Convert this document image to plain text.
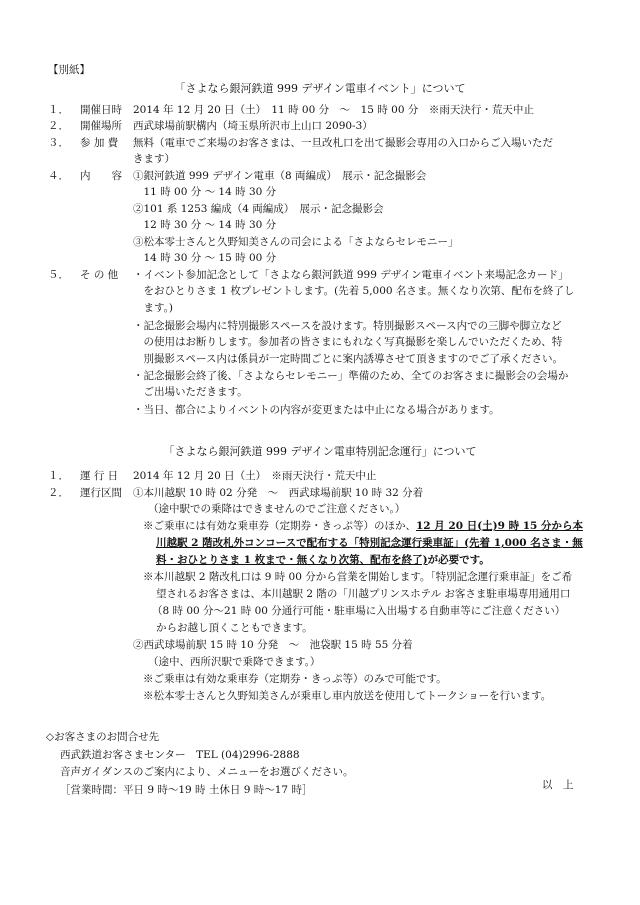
【別紙】
「さよなら銀河鉄道 999 デザイン電車イベント」について
１． 開催日時 2014 年 12 月 20 日（土）　11 時 00 分　～　15 時 00 分　※雨天決行・荒天中止
２． 開催場所 西武球場前駅構内（埼玉県所沢市上山口 2090-3）
３． 参 加 費 無料（電車でご来場のお客さまは、一旦改札口を出て撮影会専用の入口からご入場いただ
きます）
４． 内　　容 ①銀河鉄道 999 デザイン電車（8 両編成）　展示・記念撮影会
　11 時 00 分 ～ 14 時 30 分
②101 系 1253 編成（4 両編成）　展示・記念撮影会
　12 時 30 分 ～ 14 時 30 分
③松本零士さんと久野知美さんの司会による「さよならセレモニー」
　14 時 30 分 ～ 15 時 00 分
５． そ の 他 ・イベント参加記念として「さよなら銀河鉄道 999 デザイン電車イベント来場記念カード」
　をおひとりさま 1 枚プレゼントします。(先着 5,000 名さま。無くなり次第、配布を終了し
　ます。)
・記念撮影会場内に特別撮影スペースを設けます。特別撮影スペース内での三脚や脚立など
　の使用はお断りします。参加者の皆さまにもれなく写真撮影を楽しんでいただくため、特
　別撮影スペース内は係員が一定時間ごとに案内誘導させて頂きますのでご了承ください。
・記念撮影会終了後、「さよならセレモニー」準備のため、全てのお客さまに撮影会の会場か
　ご出場いただきます。
・当日、都合によりイベントの内容が変更または中止になる場合があります。
「さよなら銀河鉄道 999 デザイン電車特別記念運行」について
１． 運 行 日 2014 年 12 月 20 日（土）　※雨天決行・荒天中止
２． 運行区間 ①本川越駅 10 時 02 分発　～　西武球場前駅 10 時 32 分着
（途中駅での乗降はできませんのでご注意ください。）
※ご乗車には有効な乗車券（定期券・きっぷ等）のほか、12 月 20 日(土)9 時 15 分から本
川越駅 2 階改札外コンコースで配布する「特別記念運行乗車証」(先着 1,000 名さま・無
料・おひとりさま 1 枚まで・無くなり次第、配布を終了)が必要です。
※本川越駅 2 階改札口は 9 時 00 分から営業を開始します。「特別記念運行乗車証」をご希
望されるお客さまは、本川越駅 2 階の「川越プリンスホテル お客さま駐車場専用通用口
（8 時 00 分～21 時 00 分通行可能・駐車場に入出場する自動車等にご注意ください）
からお越し頂くこともできます。
②西武球場前駅 15 時 10 分発　～　池袋駅 15 時 55 分着
（途中、西所沢駅で乗降できます。）
※ご乗車は有効な乗車券（定期券・きっぷ等）のみで可能です。
※松本零士さんと久野知美さんが乗車し車内放送を使用してトークショーを行います。
◇お客さまのお問合せ先
西武鉄道お客さまセンター　TEL (04)2996-2888
音声ガイダンスのご案内により、メニューをお選びください。
［営業時間：平日 9 時～19 時 土休日 9 時～17 時］	以　上
